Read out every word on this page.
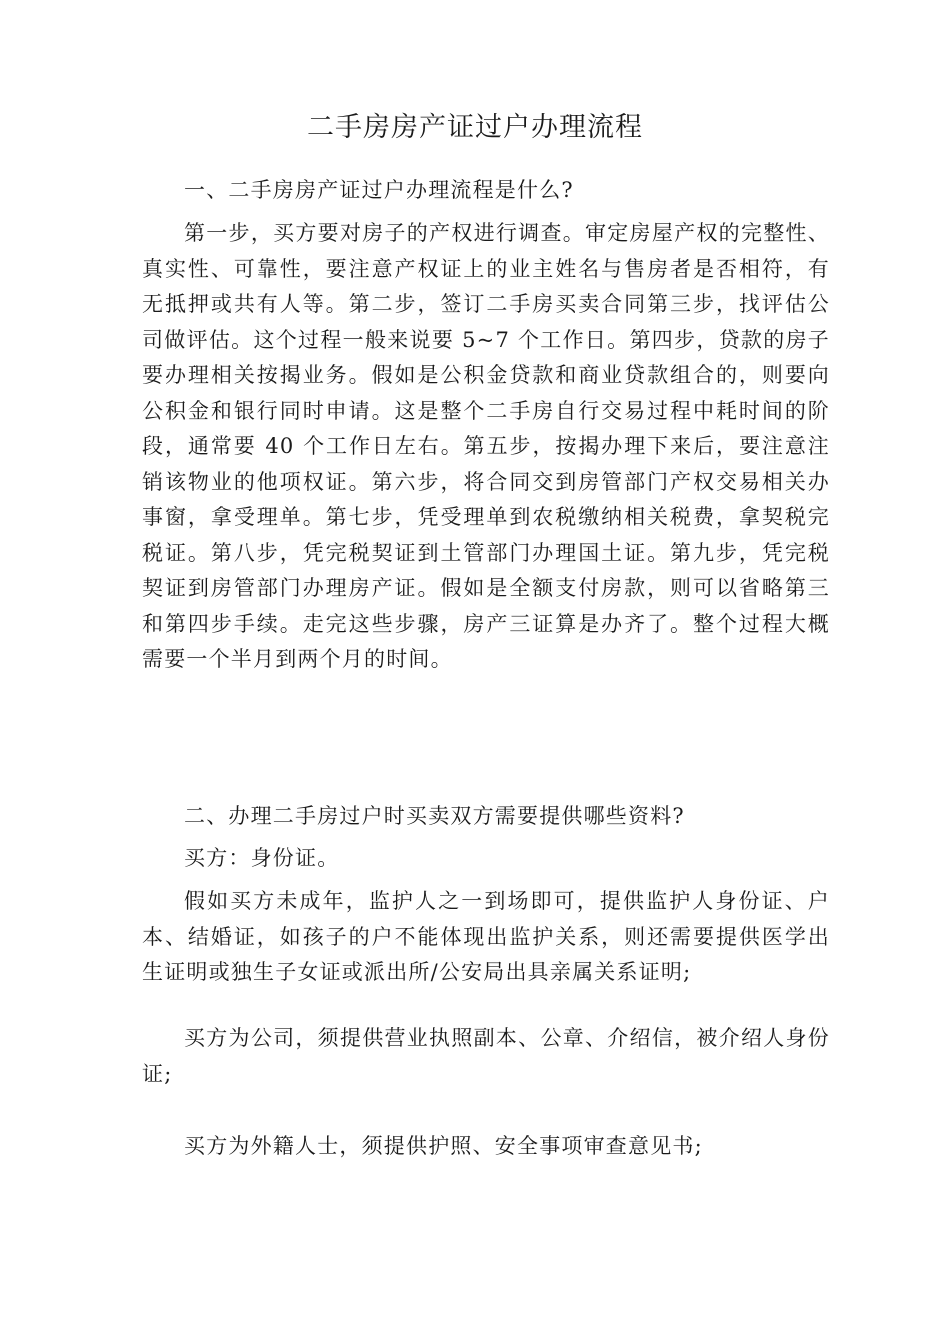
二手房房产证过户办理流程

一、二手房房产证过户办理流程是什么?

第一步，买方要对房子的产权进行调查。审定房屋产权的完整性、真实性、可靠性，要注意产权证上的业主姓名与售房者是否相符，有无抵押或共有人等。第二步，签订二手房买卖合同第三步，找评估公司做评估。这个过程一般来说要 5~7 个工作日。第四步，贷款的房子要办理相关按揭业务。假如是公积金贷款和商业贷款组合的，则要向公积金和银行同时申请。这是整个二手房自行交易过程中耗时间的阶段，通常要 40 个工作日左右。第五步，按揭办理下来后，要注意注销该物业的他项权证。第六步，将合同交到房管部门产权交易相关办事窗，拿受理单。第七步，凭受理单到农税缴纳相关税费，拿契税完税证。第八步，凭完税契证到土管部门办理国土证。第九步，凭完税契证到房管部门办理房产证。假如是全额支付房款，则可以省略第三和第四步手续。走完这些步骤，房产三证算是办齐了。整个过程大概需要一个半月到两个月的时间。

二、办理二手房过户时买卖双方需要提供哪些资料?

买方：身份证。

假如买方未成年，监护人之一到场即可，提供监护人身份证、户本、结婚证，如孩子的户不能体现出监护关系，则还需要提供医学出生证明或独生子女证或派出所/公安局出具亲属关系证明;

买方为公司，须提供营业执照副本、公章、介绍信，被介绍人身份证;

买方为外籍人士，须提供护照、安全事项审查意见书;
